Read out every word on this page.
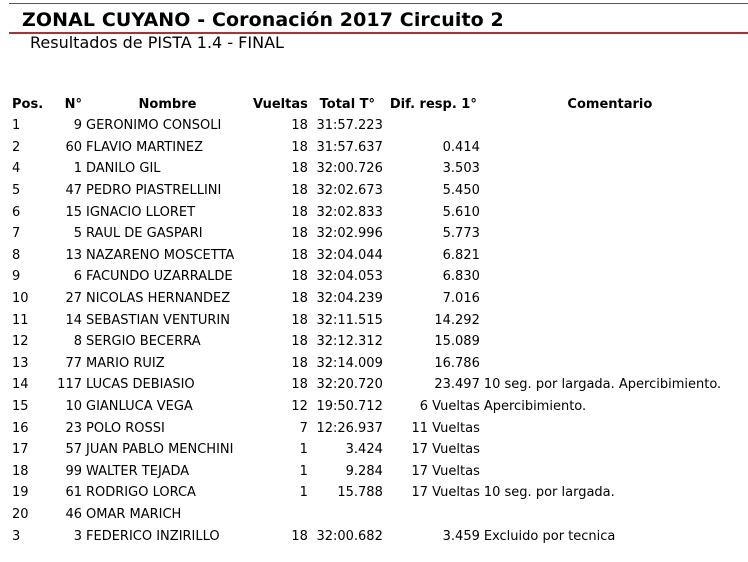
ZONAL CUYANO - Coronación 2017 Circuito 2
Resultados de PISTA 1.4 - FINAL
Pos.	N°	Nombre	Vueltas	Total T°	Dif. resp. 1°	Comentario
1	9	GERONIMO CONSOLI	18	31:57.223		
2	60	FLAVIO MARTINEZ	18	31:57.637	0.414	
4	1	DANILO GIL	18	32:00.726	3.503	
5	47	PEDRO PIASTRELLINI	18	32:02.673	5.450	
6	15	IGNACIO LLORET	18	32:02.833	5.610	
7	5	RAUL DE GASPARI	18	32:02.996	5.773	
8	13	NAZARENO MOSCETTA	18	32:04.044	6.821	
9	6	FACUNDO UZARRALDE	18	32:04.053	6.830	
10	27	NICOLAS HERNANDEZ	18	32:04.239	7.016	
11	14	SEBASTIAN VENTURIN	18	32:11.515	14.292	
12	8	SERGIO BECERRA	18	32:12.312	15.089	
13	77	MARIO RUIZ	18	32:14.009	16.786	
14	117	LUCAS DEBIASIO	18	32:20.720	23.497	10 seg. por largada. Apercibimiento.
15	10	GIANLUCA VEGA	12	19:50.712	6 Vueltas	Apercibimiento.
16	23	POLO ROSSI	7	12:26.937	11 Vueltas	
17	57	JUAN PABLO MENCHINI	1	3.424	17 Vueltas	
18	99	WALTER TEJADA	1	9.284	17 Vueltas	
19	61	RODRIGO LORCA	1	15.788	17 Vueltas	10 seg. por largada.
20	46	OMAR MARICH				
3	3	FEDERICO INZIRILLO	18	32:00.682	3.459	Excluido por tecnica
